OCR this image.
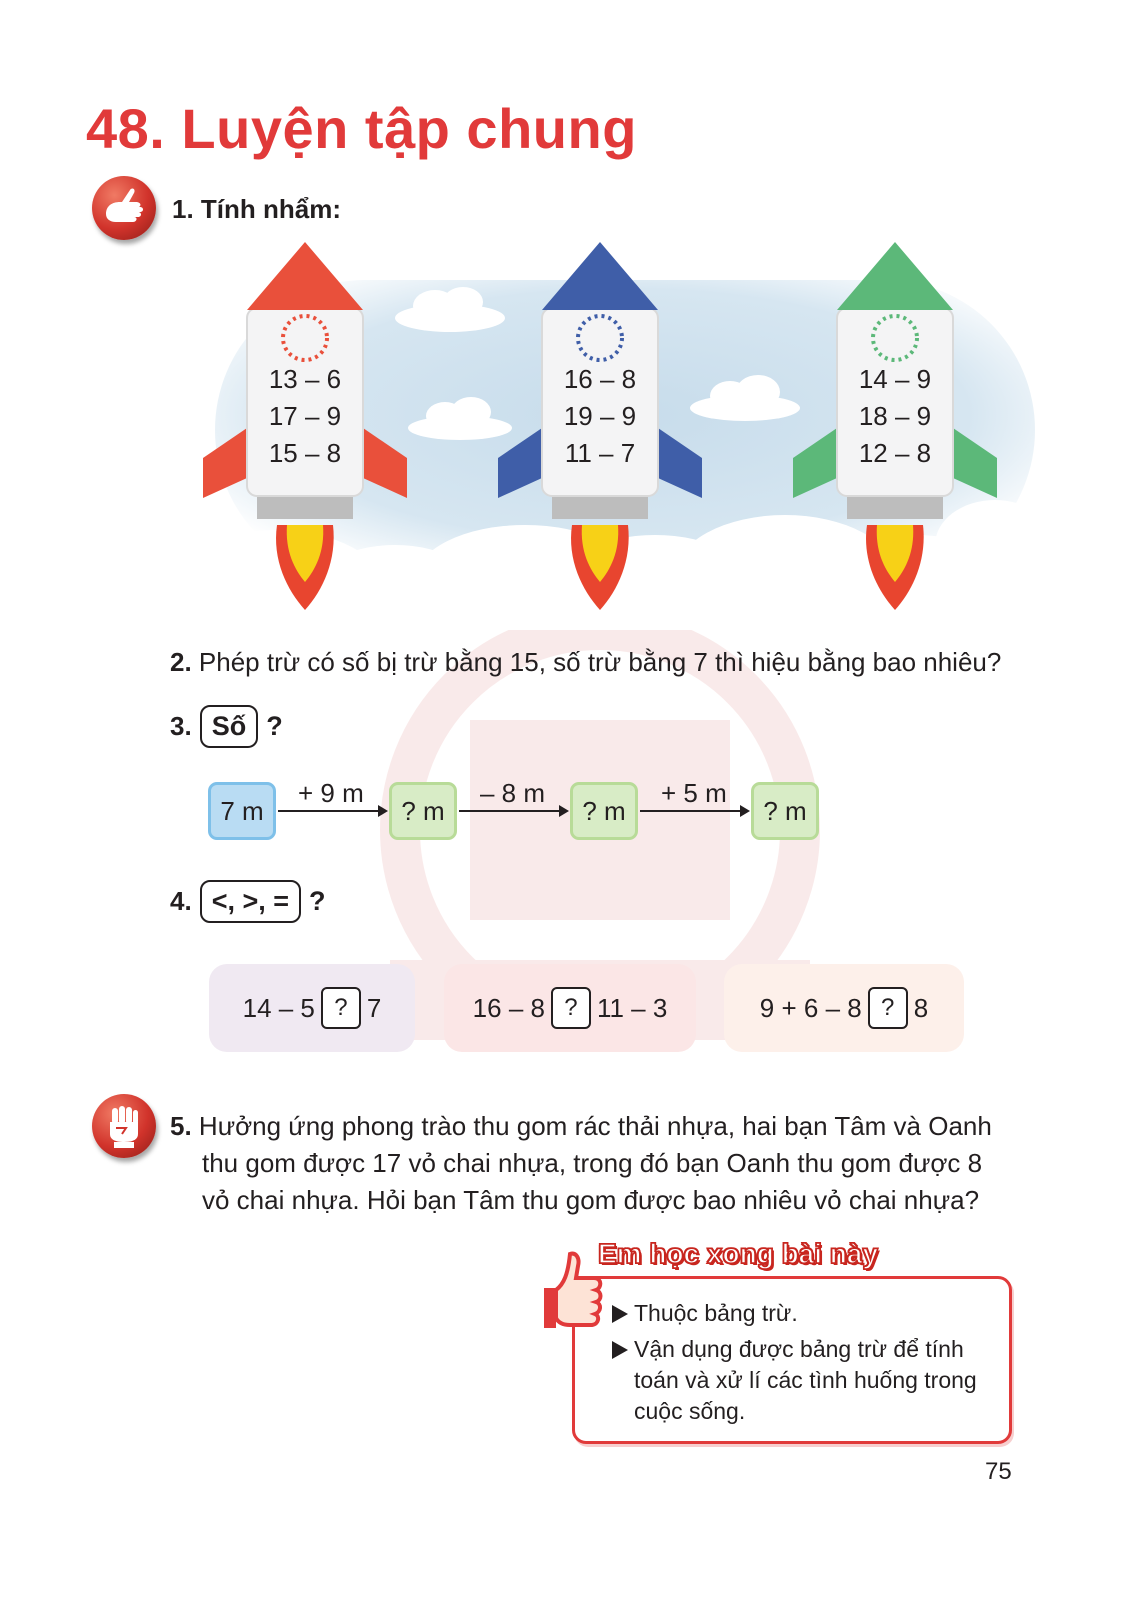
48. Luyện tập chung
1. Tính nhẩm:
13 – 6
17 – 9
15 – 8
16 – 8
19 – 9
11 – 7
14 – 9
18 – 9
12 – 8
2. Phép trừ có số bị trừ bằng 15, số trừ bằng 7 thì hiệu bằng bao nhiêu?
3. Số ?
7 m
+ 9 m
? m
– 8 m
? m
+ 5 m
? m
4. <, >, = ?
14 – 5 ? 7	16 – 8 ? 11 – 3	9 + 6 – 8 ? 8
5. Hưởng ứng phong trào thu gom rác thải nhựa, hai bạn Tâm và Oanh
thu gom được 17 vỏ chai nhựa, trong đó bạn Oanh thu gom được 8
vỏ chai nhựa. Hỏi bạn Tâm thu gom được bao nhiêu vỏ chai nhựa?
Em học xong bài này
Thuộc bảng trừ.
Vận dụng được bảng trừ để tính
toán và xử lí các tình huống trong
cuộc sống.
75
